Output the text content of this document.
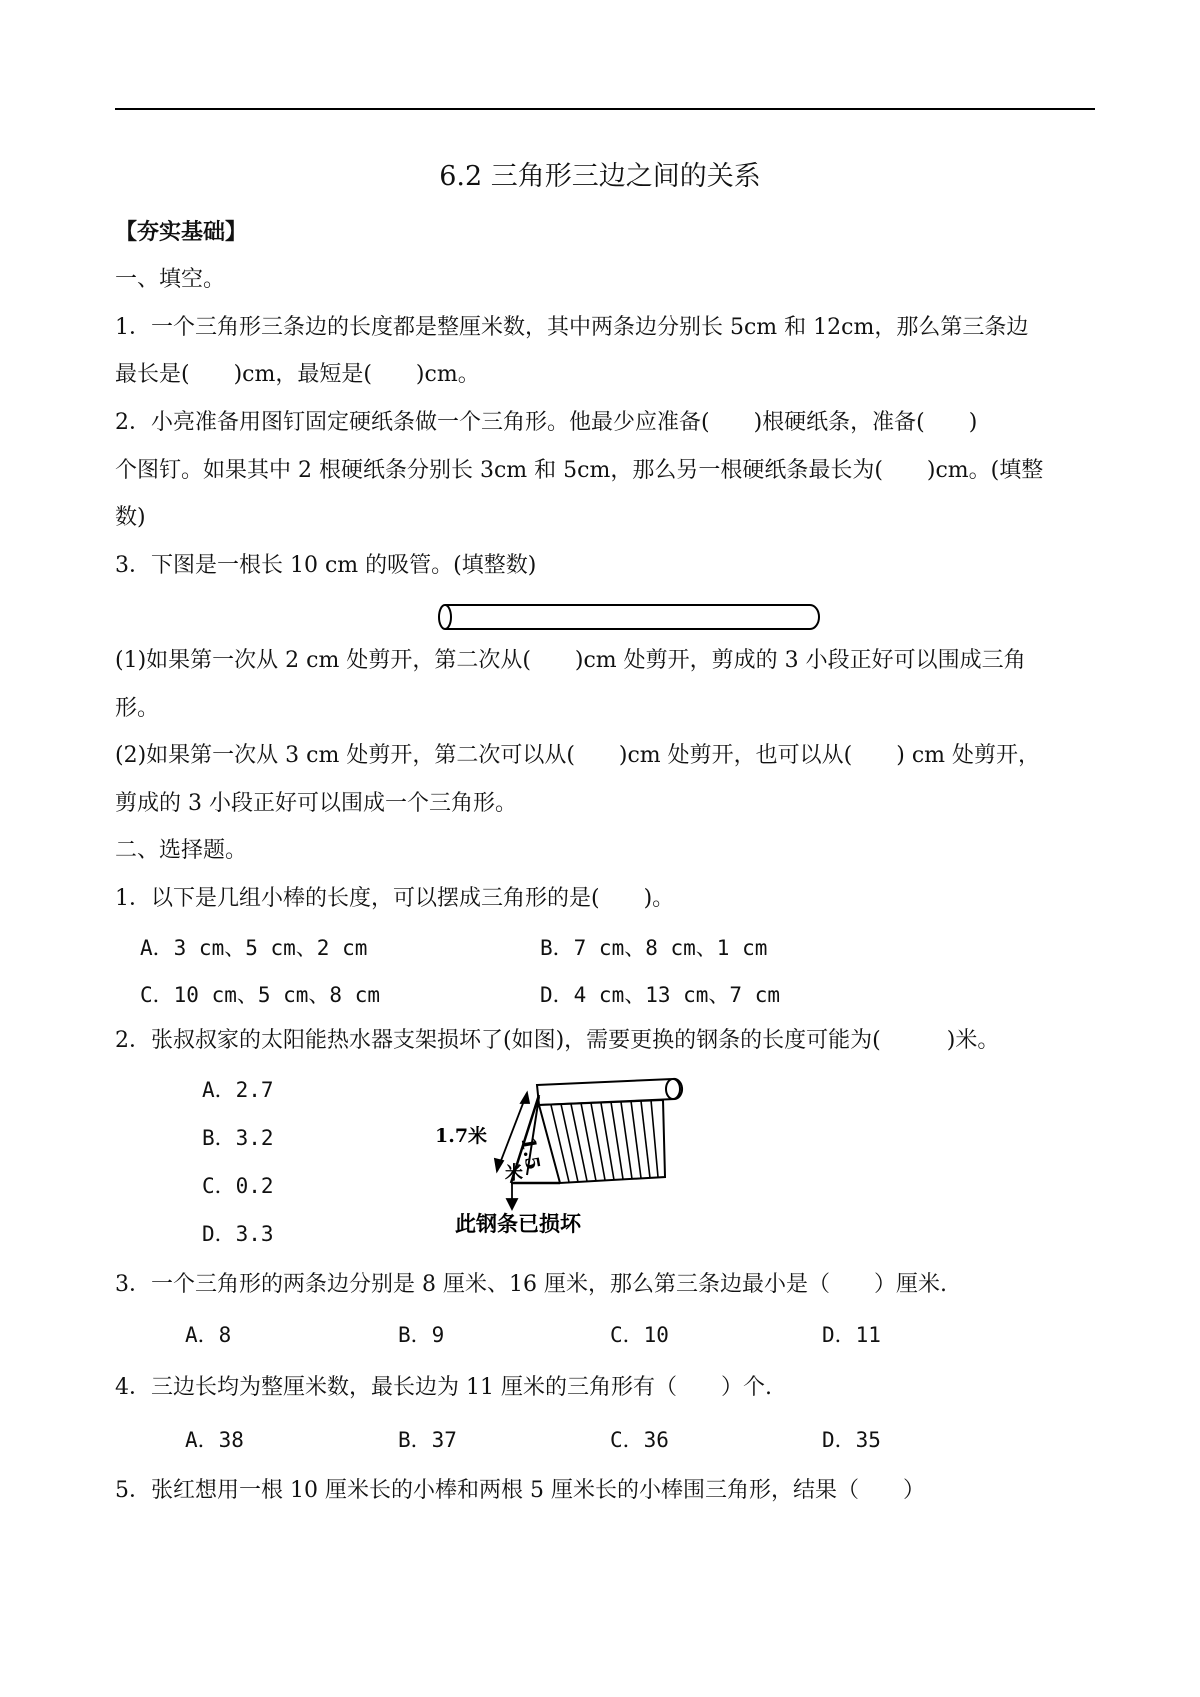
6.2 三角形三边之间的关系
【夯实基础】
一、填空。
1．一个三角形三条边的长度都是整厘米数，其中两条边分别长 5cm 和 12cm，那么第三条边
最长是(　　)cm，最短是(　　)cm。
2．小亮准备用图钉固定硬纸条做一个三角形。他最少应准备(　　)根硬纸条，准备(　　)
个图钉。如果其中 2 根硬纸条分别长 3cm 和 5cm，那么另一根硬纸条最长为(　　)cm。(填整
数)
3．下图是一根长 10 cm 的吸管。(填整数)
(1)如果第一次从 2 cm 处剪开，第二次从(　　)cm 处剪开，剪成的 3 小段正好可以围成三角
形。
(2)如果第一次从 3 cm 处剪开，第二次可以从(　　)cm 处剪开，也可以从(　　) cm 处剪开，
剪成的 3 小段正好可以围成一个三角形。
二、选择题。
1．以下是几组小棒的长度，可以摆成三角形的是(　　)。
A．3 cm、5 cm、2 cm	B．7 cm、8 cm、1 cm
C．10 cm、5 cm、8 cm	D．4 cm、13 cm、7 cm
2．张叔叔家的太阳能热水器支架损坏了(如图)，需要更换的钢条的长度可能为(　　　)米。
A．2.7
B．3.2
C．0.2
D．3.3
1.7米 1.5
米
此钢条已损坏
3．一个三角形的两条边分别是 8 厘米、16 厘米，那么第三条边最小是（　　）厘米.
A．8	B．9	C．10	D．11
4．三边长均为整厘米数，最长边为 11 厘米的三角形有（　　）个.
A．38	B．37	C．36	D．35
5．张红想用一根 10 厘米长的小棒和两根 5 厘米长的小棒围三角形，结果（　　）
